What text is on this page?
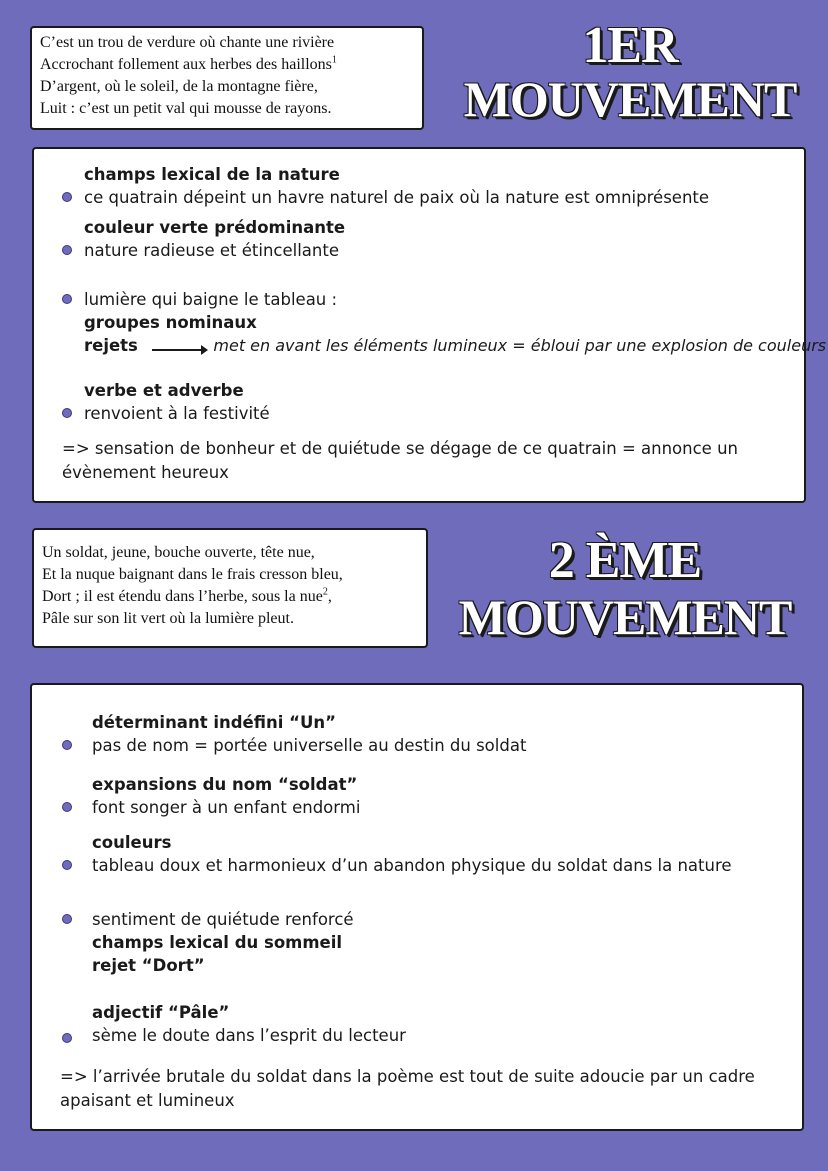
C’est un trou de verdure où chante une rivière
Accrochant follement aux herbes des haillons$^1$
D’argent, où le soleil, de la montagne fière,
Luit : c’est un petit val qui mousse de rayons.
1ER
MOUVEMENT
champs lexical de la nature
ce quatrain dépeint un havre naturel de paix où la nature est omniprésente
couleur verte prédominante
nature radieuse et étincellante
lumière qui baigne le tableau :
groupes nominaux
rejets	met en avant les éléments lumineux = ébloui par une explosion de couleurs
verbe et adverbe
renvoient à la festivité
=> sensation de bonheur et de quiétude se dégage de ce quatrain = annonce un évènement heureux
Un soldat, jeune, bouche ouverte, tête nue,
Et la nuque baignant dans le frais cresson bleu,
Dort ; il est étendu dans l’herbe, sous la nue$^2$,
Pâle sur son lit vert où la lumière pleut.
2 ÈME
MOUVEMENT
déterminant indéfini “Un”
pas de nom = portée universelle au destin du soldat
expansions du nom “soldat”
font songer à un enfant endormi
couleurs
tableau doux et harmonieux d’un abandon physique du soldat dans la nature
sentiment de quiétude renforcé
champs lexical du sommeil
rejet “Dort”
adjectif “Pâle”
sème le doute dans l’esprit du lecteur
=> l’arrivée brutale du soldat dans la poème est tout de suite adoucie par un cadre apaisant et lumineux
